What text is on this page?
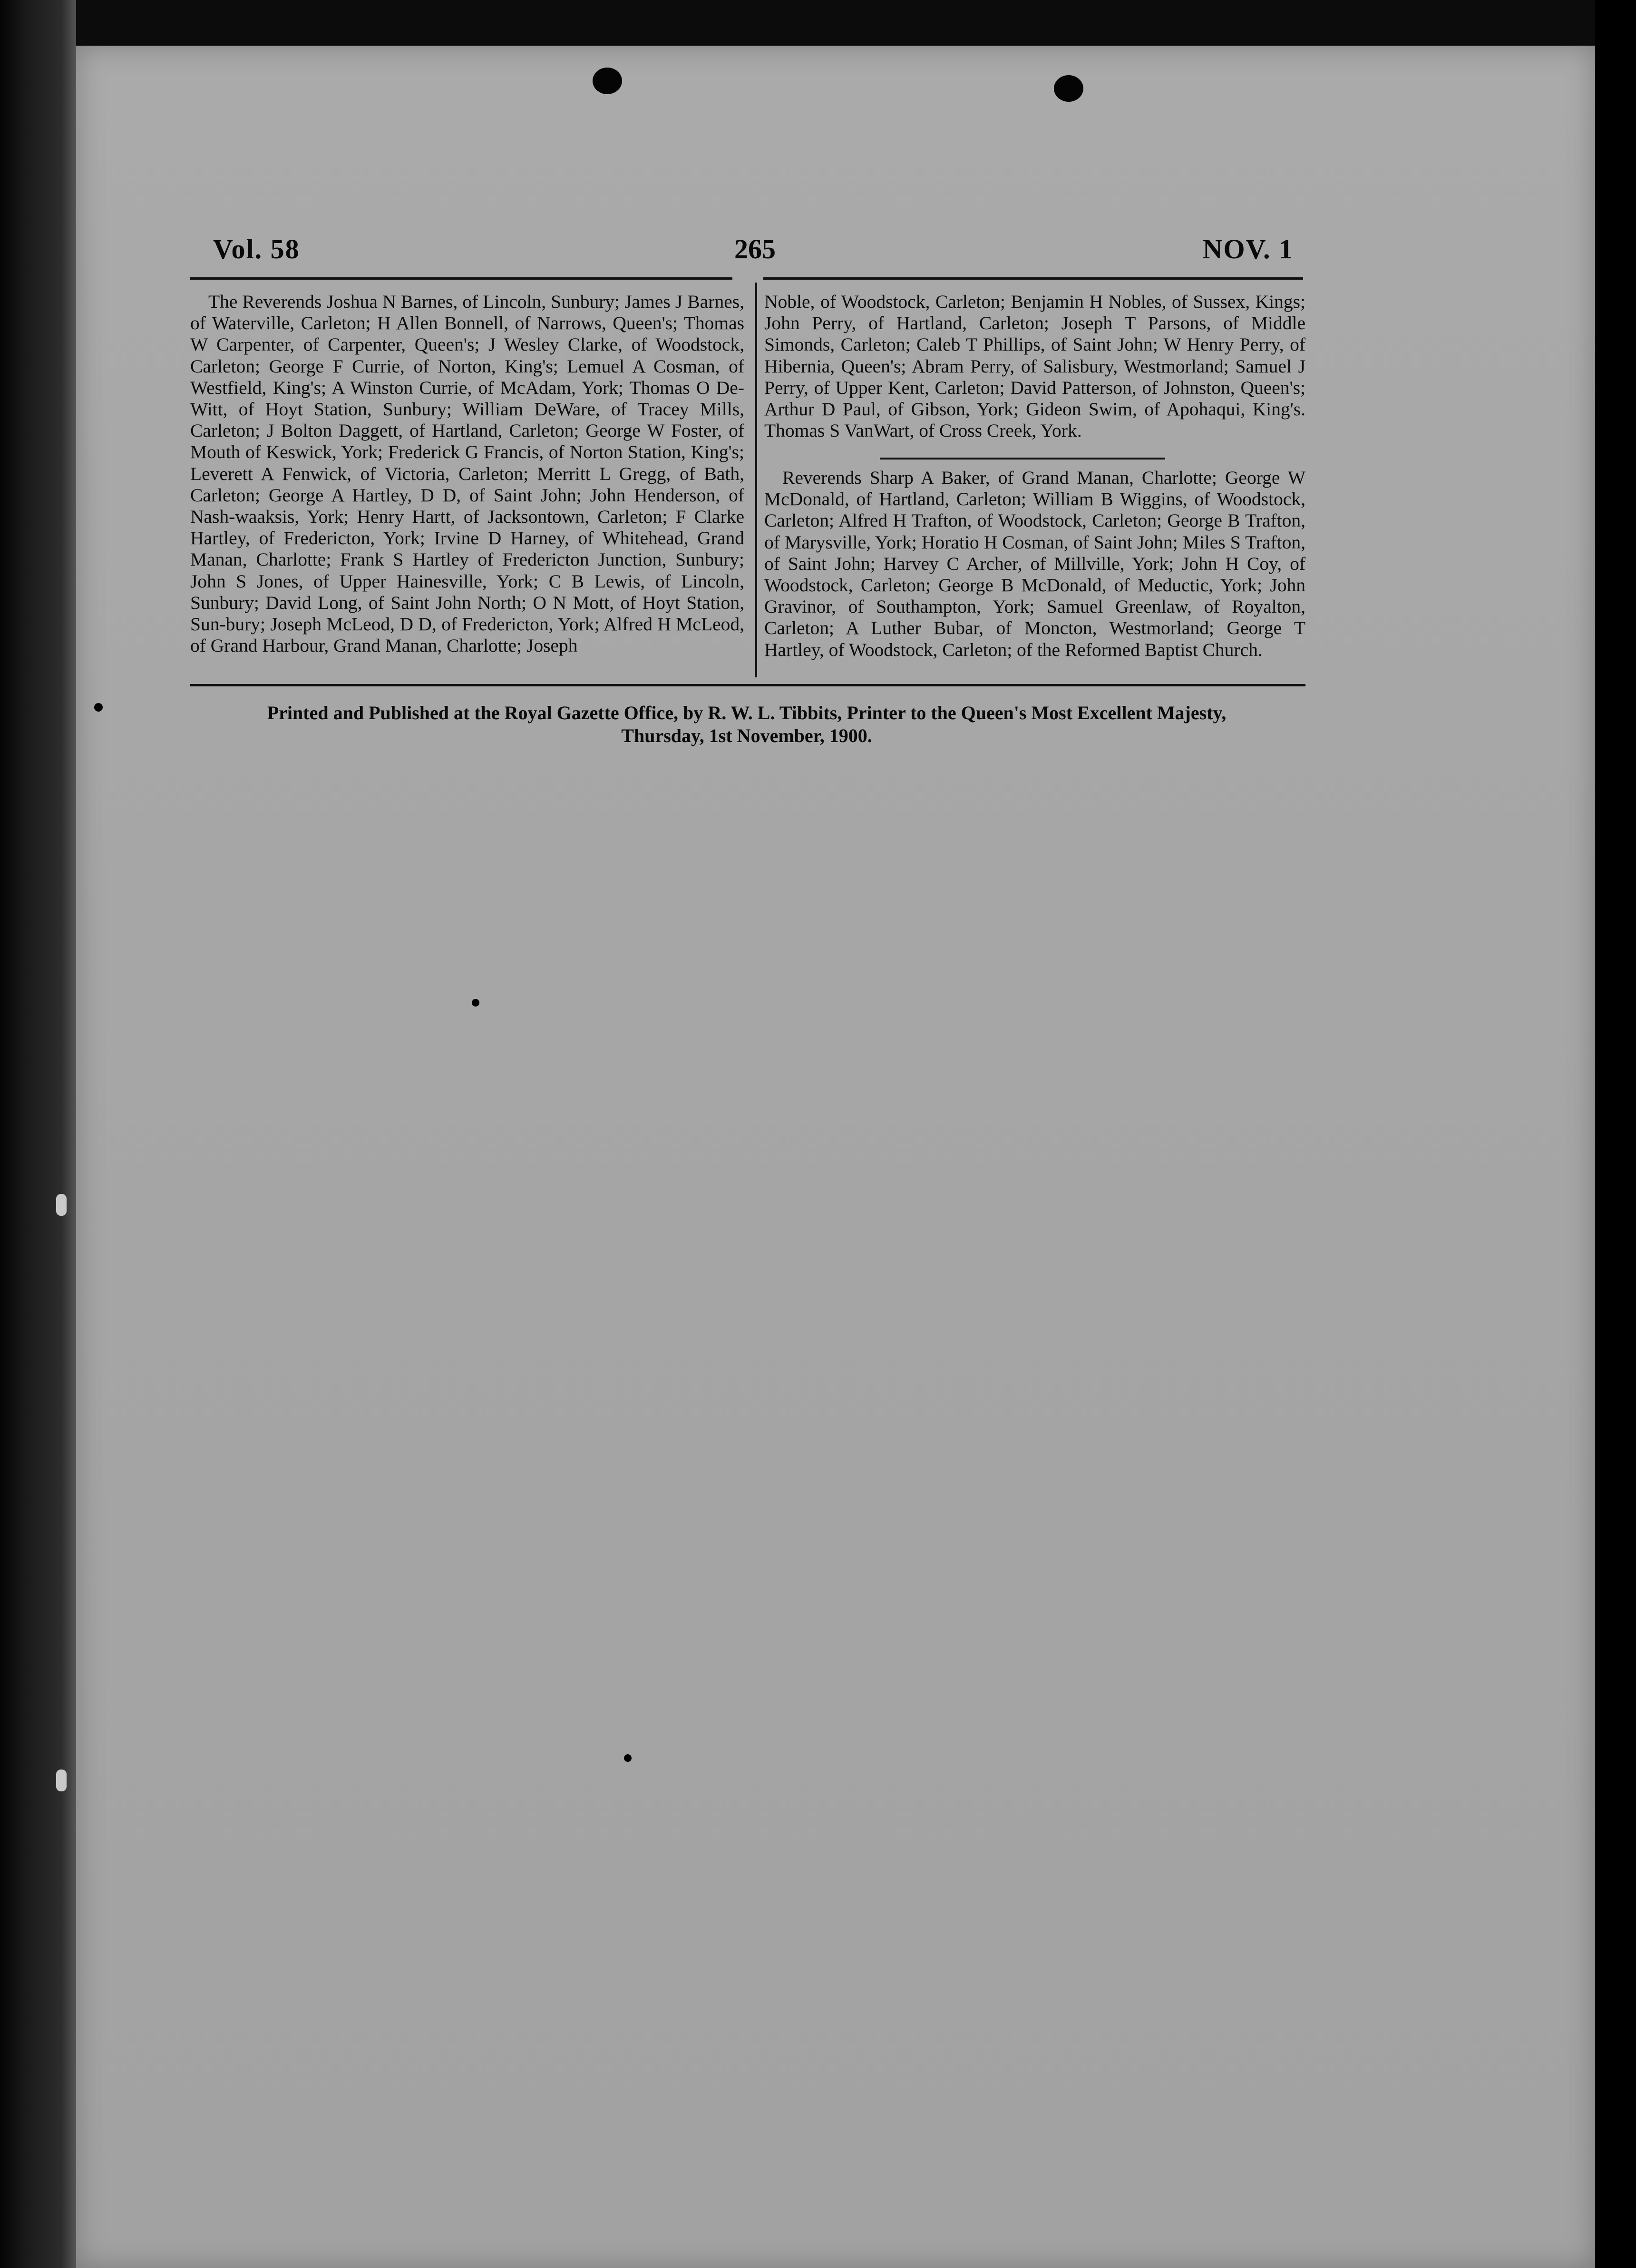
Vol. 58	265	NOV. 1

The Reverends Joshua N Barnes, of Lincoln, Sunbury; James J Barnes, of Waterville, Carleton; H Allen Bonnell, of Narrows, Queen's; Thomas W Carpenter, of Carpenter, Queen's; J Wesley Clarke, of Woodstock, Carleton; George F Currie, of Norton, King's; Lemuel A Cosman, of Westfield, King's; A Winston Currie, of McAdam, York; Thomas O De-Witt, of Hoyt Station, Sunbury; William DeWare, of Tracey Mills, Carleton; J Bolton Daggett, of Hartland, Carleton; George W Foster, of Mouth of Keswick, York; Frederick G Francis, of Norton Station, King's; Leverett A Fenwick, of Victoria, Carleton; Merritt L Gregg, of Bath, Carleton; George A Hartley, D D, of Saint John; John Henderson, of Nash-waaksis, York; Henry Hartt, of Jacksontown, Carleton; F Clarke Hartley, of Fredericton, York; Irvine D Harney, of Whitehead, Grand Manan, Charlotte; Frank S Hartley of Fredericton Junction, Sunbury; John S Jones, of Upper Hainesville, York; C B Lewis, of Lincoln, Sunbury; David Long, of Saint John North; O N Mott, of Hoyt Station, Sun-bury; Joseph McLeod, D D, of Fredericton, York; Alfred H McLeod, of Grand Harbour, Grand Manan, Charlotte; Joseph

Noble, of Woodstock, Carleton; Benjamin H Nobles, of Sussex, Kings; John Perry, of Hartland, Carleton; Joseph T Parsons, of Middle Simonds, Carleton; Caleb T Phillips, of Saint John; W Henry Perry, of Hibernia, Queen's; Abram Perry, of Salisbury, Westmorland; Samuel J Perry, of Upper Kent, Carleton; David Patterson, of Johnston, Queen's; Arthur D Paul, of Gibson, York; Gideon Swim, of Apohaqui, King's. Thomas S VanWart, of Cross Creek, York.

Reverends Sharp A Baker, of Grand Manan, Charlotte; George W McDonald, of Hartland, Carleton; William B Wiggins, of Woodstock, Carleton; Alfred H Trafton, of Woodstock, Carleton; George B Trafton, of Marysville, York; Horatio H Cosman, of Saint John; Miles S Trafton, of Saint John; Harvey C Archer, of Millville, York; John H Coy, of Woodstock, Carleton; George B McDonald, of Meductic, York; John Gravinor, of Southampton, York; Samuel Greenlaw, of Royalton, Carleton; A Luther Bubar, of Moncton, Westmorland; George T Hartley, of Woodstock, Carleton; of the Reformed Baptist Church.

Printed and Published at the Royal Gazette Office, by R. W. L. Tibbits, Printer to the Queen's Most Excellent Majesty,
Thursday, 1st November, 1900.
